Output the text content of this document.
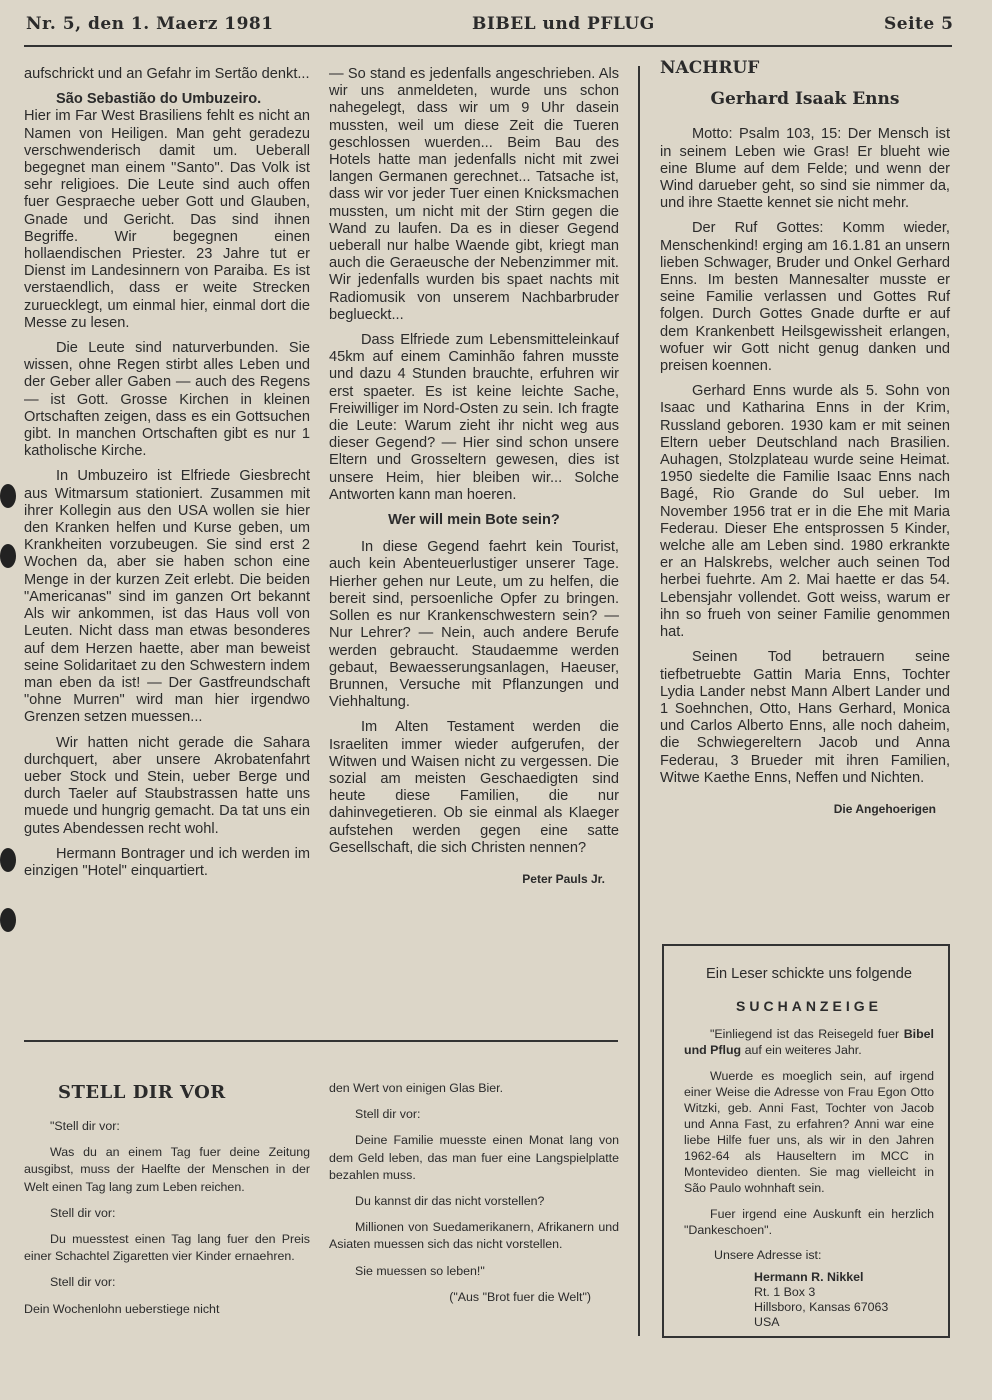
Nr. 5, den 1. Maerz 1981	BIBEL und PFLUG	Seite 5

aufschrickt und an Gefahr im Sertão denkt...

São Sebastião do Umbuzeiro.

Hier im Far West Brasiliens fehlt es nicht an Namen von Heiligen. Man geht geradezu verschwenderisch damit um. Ueberall begegnet man einem "Santo". Das Volk ist sehr religioes. Die Leute sind auch offen fuer Gespraeche ueber Gott und Glauben, Gnade und Gericht. Das sind ihnen Begriffe. Wir begegnen einen hollaendischen Priester. 23 Jahre tut er Dienst im Landesinnern von Paraiba. Es ist verstaendlich, dass er weite Strecken zuruecklegt, um einmal hier, einmal dort die Messe zu lesen.

Die Leute sind naturverbunden. Sie wissen, ohne Regen stirbt alles Leben und der Geber aller Gaben — auch des Regens — ist Gott. Grosse Kirchen in kleinen Ortschaften zeigen, dass es ein Gottsuchen gibt. In manchen Ortschaften gibt es nur 1 katholische Kirche.

In Umbuzeiro ist Elfriede Giesbrecht aus Witmarsum stationiert. Zusammen mit ihrer Kollegin aus den USA wollen sie hier den Kranken helfen und Kurse geben, um Krankheiten vorzubeugen. Sie sind erst 2 Wochen da, aber sie haben schon eine Menge in der kurzen Zeit erlebt. Die beiden "Americanas" sind im ganzen Ort bekannt Als wir ankommen, ist das Haus voll von Leuten. Nicht dass man etwas besonderes auf dem Herzen haette, aber man beweist seine Solidaritaet zu den Schwestern indem man eben da ist! — Der Gastfreundschaft "ohne Murren" wird man hier irgendwo Grenzen setzen muessen...

Wir hatten nicht gerade die Sahara durchquert, aber unsere Akrobatenfahrt ueber Stock und Stein, ueber Berge und durch Taeler auf Staubstrassen hatte uns muede und hungrig gemacht. Da tat uns ein gutes Abendessen recht wohl.

Hermann Bontrager und ich werden im einzigen "Hotel" einquartiert.

— So stand es jedenfalls angeschrieben. Als wir uns anmeldeten, wurde uns schon nahegelegt, dass wir um 9 Uhr dasein mussten, weil um diese Zeit die Tueren geschlossen wuerden... Beim Bau des Hotels hatte man jedenfalls nicht mit zwei langen Germanen gerechnet... Tatsache ist, dass wir vor jeder Tuer einen Knicksmachen mussten, um nicht mit der Stirn gegen die Wand zu laufen. Da es in dieser Gegend ueberall nur halbe Waende gibt, kriegt man auch die Geraeusche der Nebenzimmer mit. Wir jedenfalls wurden bis spaet nachts mit Radiomusik von unserem Nachbarbruder beglueckt...

Dass Elfriede zum Lebensmitteleinkauf 45km auf einem Caminhão fahren musste und dazu 4 Stunden brauchte, erfuhren wir erst spaeter. Es ist keine leichte Sache, Freiwilliger im Nord-Osten zu sein. Ich fragte die Leute: Warum zieht ihr nicht weg aus dieser Gegend? — Hier sind schon unsere Eltern und Grosseltern gewesen, dies ist unsere Heim, hier bleiben wir... Solche Antworten kann man hoeren.

Wer will mein Bote sein?

In diese Gegend faehrt kein Tourist, auch kein Abenteuerlustiger unserer Tage. Hierher gehen nur Leute, um zu helfen, die bereit sind, persoenliche Opfer zu bringen. Sollen es nur Krankenschwestern sein? — Nur Lehrer? — Nein, auch andere Berufe werden gebraucht. Staudaemme werden gebaut, Bewaesserungsanlagen, Haeuser, Brunnen, Versuche mit Pflanzungen und Viehhaltung.

Im Alten Testament werden die Israeliten immer wieder aufgerufen, der Witwen und Waisen nicht zu vergessen. Die sozial am meisten Geschaedigten sind heute diese Familien, die nur dahinvegetieren. Ob sie einmal als Klaeger aufstehen werden gegen eine satte Gesellschaft, die sich Christen nennen?

Peter Pauls Jr.
NACHRUF
Gerhard Isaak Enns

Motto: Psalm 103, 15: Der Mensch ist in seinem Leben wie Gras! Er blueht wie eine Blume auf dem Felde; und wenn der Wind darueber geht, so sind sie nimmer da, und ihre Staette kennet sie nicht mehr.

Der Ruf Gottes: Komm wieder, Menschenkind! erging am 16.1.81 an unsern lieben Schwager, Bruder und Onkel Gerhard Enns. Im besten Mannesalter musste er seine Familie verlassen und Gottes Ruf folgen. Durch Gottes Gnade durfte er auf dem Krankenbett Heilsgewissheit erlangen, wofuer wir Gott nicht genug danken und preisen koennen.

Gerhard Enns wurde als 5. Sohn von Isaac und Katharina Enns in der Krim, Russland geboren. 1930 kam er mit seinen Eltern ueber Deutschland nach Brasilien. Auhagen, Stolzplateau wurde seine Heimat. 1950 siedelte die Familie Isaac Enns nach Bagé, Rio Grande do Sul ueber. Im November 1956 trat er in die Ehe mit Maria Federau. Dieser Ehe entsprossen 5 Kinder, welche alle am Leben sind. 1980 erkrankte er an Halskrebs, welcher auch seinen Tod herbei fuehrte. Am 2. Mai haette er das 54. Lebensjahr vollendet. Gott weiss, warum er ihn so frueh von seiner Familie genommen hat.

Seinen Tod betrauern seine tiefbetruebte Gattin Maria Enns, Tochter Lydia Lander nebst Mann Albert Lander und 1 Soehnchen, Otto, Hans Gerhard, Monica und Carlos Alberto Enns, alle noch daheim, die Schwiegereltern Jacob und Anna Federau, 3 Brueder mit ihren Familien, Witwe Kaethe Enns, Neffen und Nichten.

Die Angehoerigen
STELL DIR VOR

"Stell dir vor:

Was du an einem Tag fuer deine Zeitung ausgibst, muss der Haelfte der Menschen in der Welt einen Tag lang zum Leben reichen.

Stell dir vor:

Du muesstest einen Tag lang fuer den Preis einer Schachtel Zigaretten vier Kinder ernaehren.

Stell dir vor:

Dein Wochenlohn ueberstiege nicht

den Wert von einigen Glas Bier.

Stell dir vor:

Deine Familie muesste einen Monat lang von dem Geld leben, das man fuer eine Langspielplatte bezahlen muss.

Du kannst dir das nicht vorstellen?

Millionen von Suedamerikanern, Afrikanern und Asiaten muessen sich das nicht vorstellen.

Sie muessen so leben!"

("Aus "Brot fuer die Welt")

Ein Leser schickte uns folgende
SUCHANZEIGE
"Einliegend ist das Reisegeld fuer Bibel und Pflug auf ein weiteres Jahr.
Wuerde es moeglich sein, auf irgend einer Weise die Adresse von Frau Egon Otto Witzki, geb. Anni Fast, Tochter von Jacob und Anna Fast, zu erfahren? Anni war eine liebe Hilfe fuer uns, als wir in den Jahren 1962-64 als Hauseltern im MCC in Montevideo dienten. Sie mag vielleicht in São Paulo wohnhaft sein.
Fuer irgend eine Auskunft ein herzlich "Dankeschoen".
Unsere Adresse ist:
Hermann R. Nikkel
Rt. 1 Box 3
Hillsboro, Kansas 67063
USA
